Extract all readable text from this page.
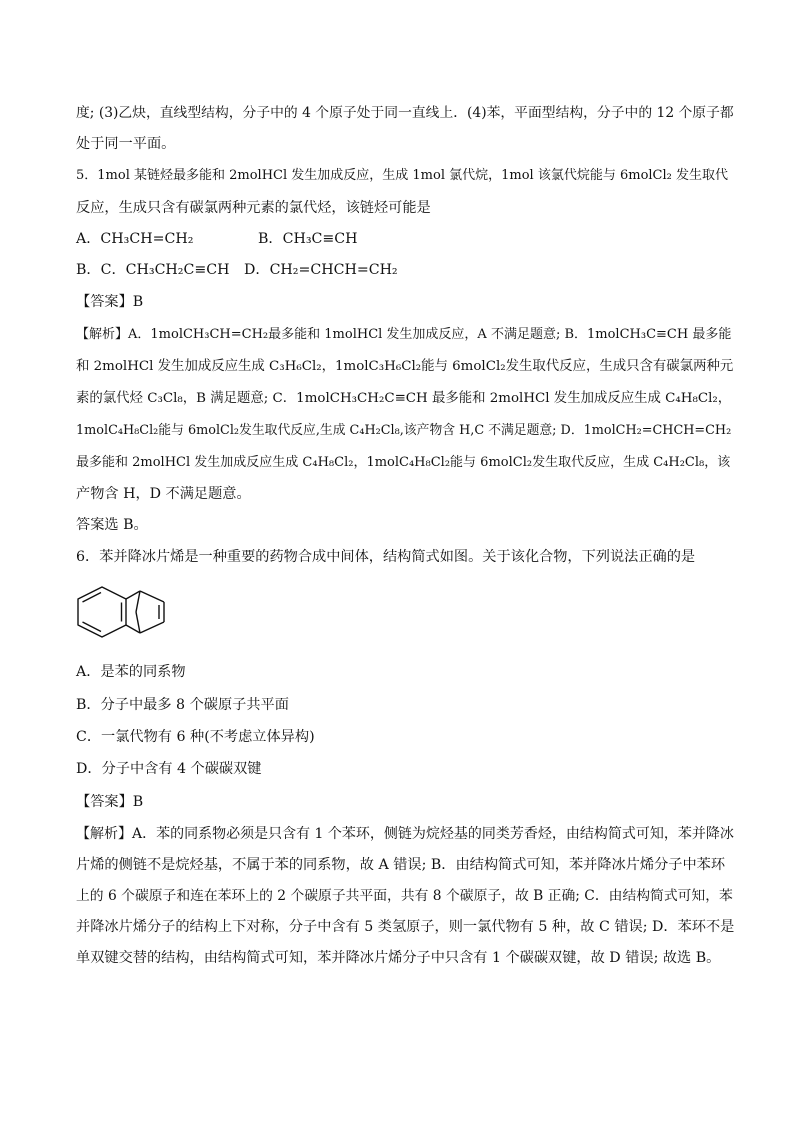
度; (3)乙炔，直线型结构，分子中的 4 个原子处于同一直线上．(4)苯，平面型结构，分子中的 12 个原子都
处于同一平面。
5．1mol 某链烃最多能和 2molHCl 发生加成反应，生成 1mol 氯代烷，1mol 该氯代烷能与 6molCl₂ 发生取代
反应，生成只含有碳氯两种元素的氯代烃，该链烃可能是
A．CH₃CH=CH₂	B．CH₃C≡CH
B．C．CH₃CH₂C≡CH D．CH₂=CHCH=CH₂
【答案】B
【解析】A．1molCH₃CH=CH₂最多能和 1molHCl 发生加成反应，A 不满足题意; B．1molCH₃C≡CH 最多能
和 2molHCl 发生加成反应生成 C₃H₆Cl₂，1molC₃H₆Cl₂能与 6molCl₂发生取代反应，生成只含有碳氯两种元
素的氯代烃 C₃Cl₈，B 满足题意; C．1molCH₃CH₂C≡CH 最多能和 2molHCl 发生加成反应生成 C₄H₈Cl₂，
1molC₄H₈Cl₂能与 6molCl₂发生取代反应,生成 C₄H₂Cl₈,该产物含 H,C 不满足题意; D．1molCH₂=CHCH=CH₂
最多能和 2molHCl 发生加成反应生成 C₄H₈Cl₂，1molC₄H₈Cl₂能与 6molCl₂发生取代反应，生成 C₄H₂Cl₈，该
产物含 H，D 不满足题意。
答案选 B。
6．苯并降冰片烯是一种重要的药物合成中间体，结构简式如图。关于该化合物，下列说法正确的是
A．是苯的同系物
B．分子中最多 8 个碳原子共平面
C．一氯代物有 6 种(不考虑立体异构)
D．分子中含有 4 个碳碳双键
【答案】B
【解析】A．苯的同系物必须是只含有 1 个苯环，侧链为烷烃基的同类芳香烃，由结构简式可知，苯并降冰
片烯的侧链不是烷烃基，不属于苯的同系物，故 A 错误; B．由结构简式可知，苯并降冰片烯分子中苯环
上的 6 个碳原子和连在苯环上的 2 个碳原子共平面，共有 8 个碳原子，故 B 正确; C．由结构简式可知，苯
并降冰片烯分子的结构上下对称，分子中含有 5 类氢原子，则一氯代物有 5 种，故 C 错误; D．苯环不是
单双键交替的结构，由结构简式可知，苯并降冰片烯分子中只含有 1 个碳碳双键，故 D 错误; 故选 B。
